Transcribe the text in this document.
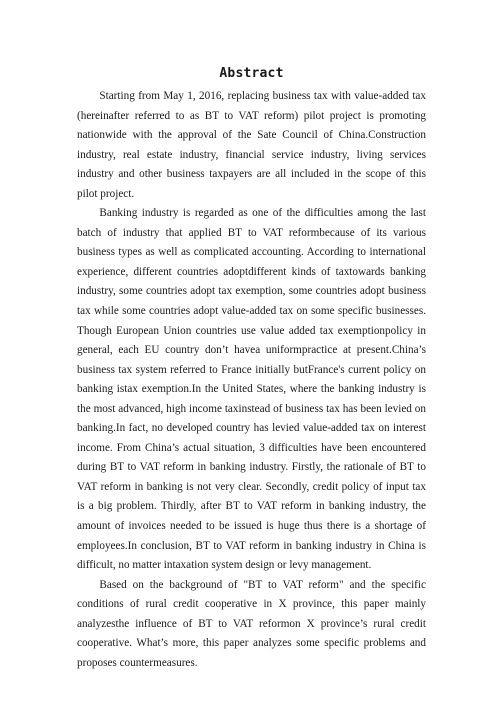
Abstract

Starting from May 1, 2016, replacing business tax with value-added tax (hereinafter referred to as BT to VAT reform) pilot project is promoting nationwide with the approval of the Sate Council of China.Construction industry, real estate industry, financial service industry, living services industry and other business taxpayers are all included in the scope of this pilot project.

Banking industry is regarded as one of the difficulties among the last batch of industry that applied BT to VAT reformbecause of its various business types as well as complicated accounting. According to international experience, different countries adoptdifferent kinds of taxtowards banking industry, some countries adopt tax exemption, some countries adopt business tax while some countries adopt value-added tax on some specific businesses. Though European Union countries use value added tax exemptionpolicy in general, each EU country don’t havea uniformpractice at present.China’s business tax system referred to France initially butFrance's current policy on banking istax exemption.In the United States, where the banking industry is the most advanced, high income taxinstead of business tax has been levied on banking.In fact, no developed country has levied value-added tax on interest income. From China’s actual situation, 3 difficulties have been encountered during BT to VAT reform in banking industry. Firstly, the rationale of BT to VAT reform in banking is not very clear. Secondly, credit policy of input tax is a big problem. Thirdly, after BT to VAT reform in banking industry, the amount of invoices needed to be issued is huge thus there is a shortage of employees.In conclusion, BT to VAT reform in banking industry in China is difficult, no matter intaxation system design or levy management.

Based on the background of "BT to VAT reform" and the specific conditions of rural credit cooperative in X province, this paper mainly analyzesthe influence of BT to VAT reformon X province’s rural credit cooperative. What’s more, this paper analyzes some specific problems and proposes countermeasures.
